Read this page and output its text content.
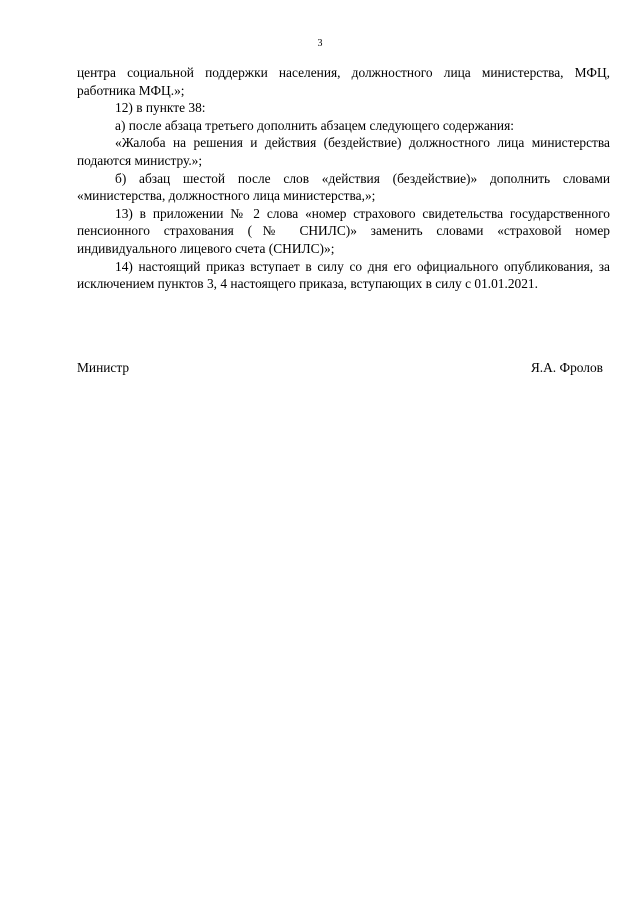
3

центра социальной поддержки населения, должностного лица министерства, МФЦ, работника МФЦ.»;

12) в пункте 38:

а) после абзаца третьего дополнить абзацем следующего содержания:

«Жалоба на решения и действия (бездействие) должностного лица министерства подаются министру.»;

б) абзац шестой после слов «действия (бездействие)» дополнить словами «министерства, должностного лица министерства,»;

13) в приложении № 2 слова «номер страхового свидетельства государственного пенсионного страхования (№ СНИЛС)» заменить словами «страховой номер индивидуального лицевого счета (СНИЛС)»;

14) настоящий приказ вступает в силу со дня его официального опубликования, за исключением пунктов 3, 4 настоящего приказа, вступающих в силу с 01.01.2021.

Министр	Я.А. Фролов
